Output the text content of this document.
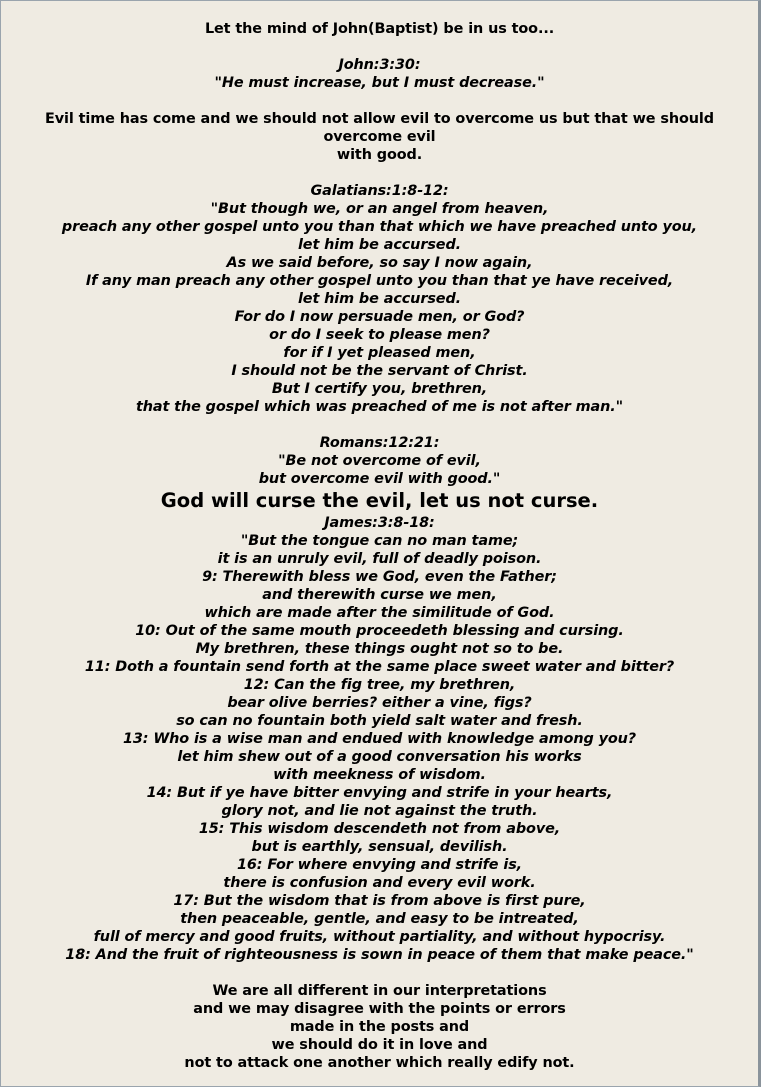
Let the mind of John(Baptist) be in us too...

John:3:30:

"He must increase, but I must decrease."

Evil time has come and we should not allow evil to overcome us but that we should overcome evil

with good.

Galatians:1:8-12:

"But though we, or an angel from heaven,

preach any other gospel unto you than that which we have preached unto you,

let him be accursed.

As we said before, so say I now again,

If any man preach any other gospel unto you than that ye have received,

let him be accursed.

For do I now persuade men, or God?

or do I seek to please men?

for if I yet pleased men,

I should not be the servant of Christ.

But I certify you, brethren,

that the gospel which was preached of me is not after man."

Romans:12:21:

"Be not overcome of evil,

but overcome evil with good."

God will curse the evil, let us not curse.

James:3:8-18:

"But the tongue can no man tame;

it is an unruly evil, full of deadly poison.

9: Therewith bless we God, even the Father;

and therewith curse we men,

which are made after the similitude of God.

10: Out of the same mouth proceedeth blessing and cursing.

My brethren, these things ought not so to be.

11: Doth a fountain send forth at the same place sweet water and bitter?

12: Can the fig tree, my brethren,

bear olive berries? either a vine, figs?

so can no fountain both yield salt water and fresh.

13: Who is a wise man and endued with knowledge among you?

let him shew out of a good conversation his works

with meekness of wisdom.

14: But if ye have bitter envying and strife in your hearts,

glory not, and lie not against the truth.

15: This wisdom descendeth not from above,

but is earthly, sensual, devilish.

16: For where envying and strife is,

there is confusion and every evil work.

17: But the wisdom that is from above is first pure,

then peaceable, gentle, and easy to be intreated,

full of mercy and good fruits, without partiality, and without hypocrisy.

18: And the fruit of righteousness is sown in peace of them that make peace."

We are all different in our interpretations

and we may disagree with the points or errors

made in the posts and

we should do it in love and

not to attack one another which really edify not.
